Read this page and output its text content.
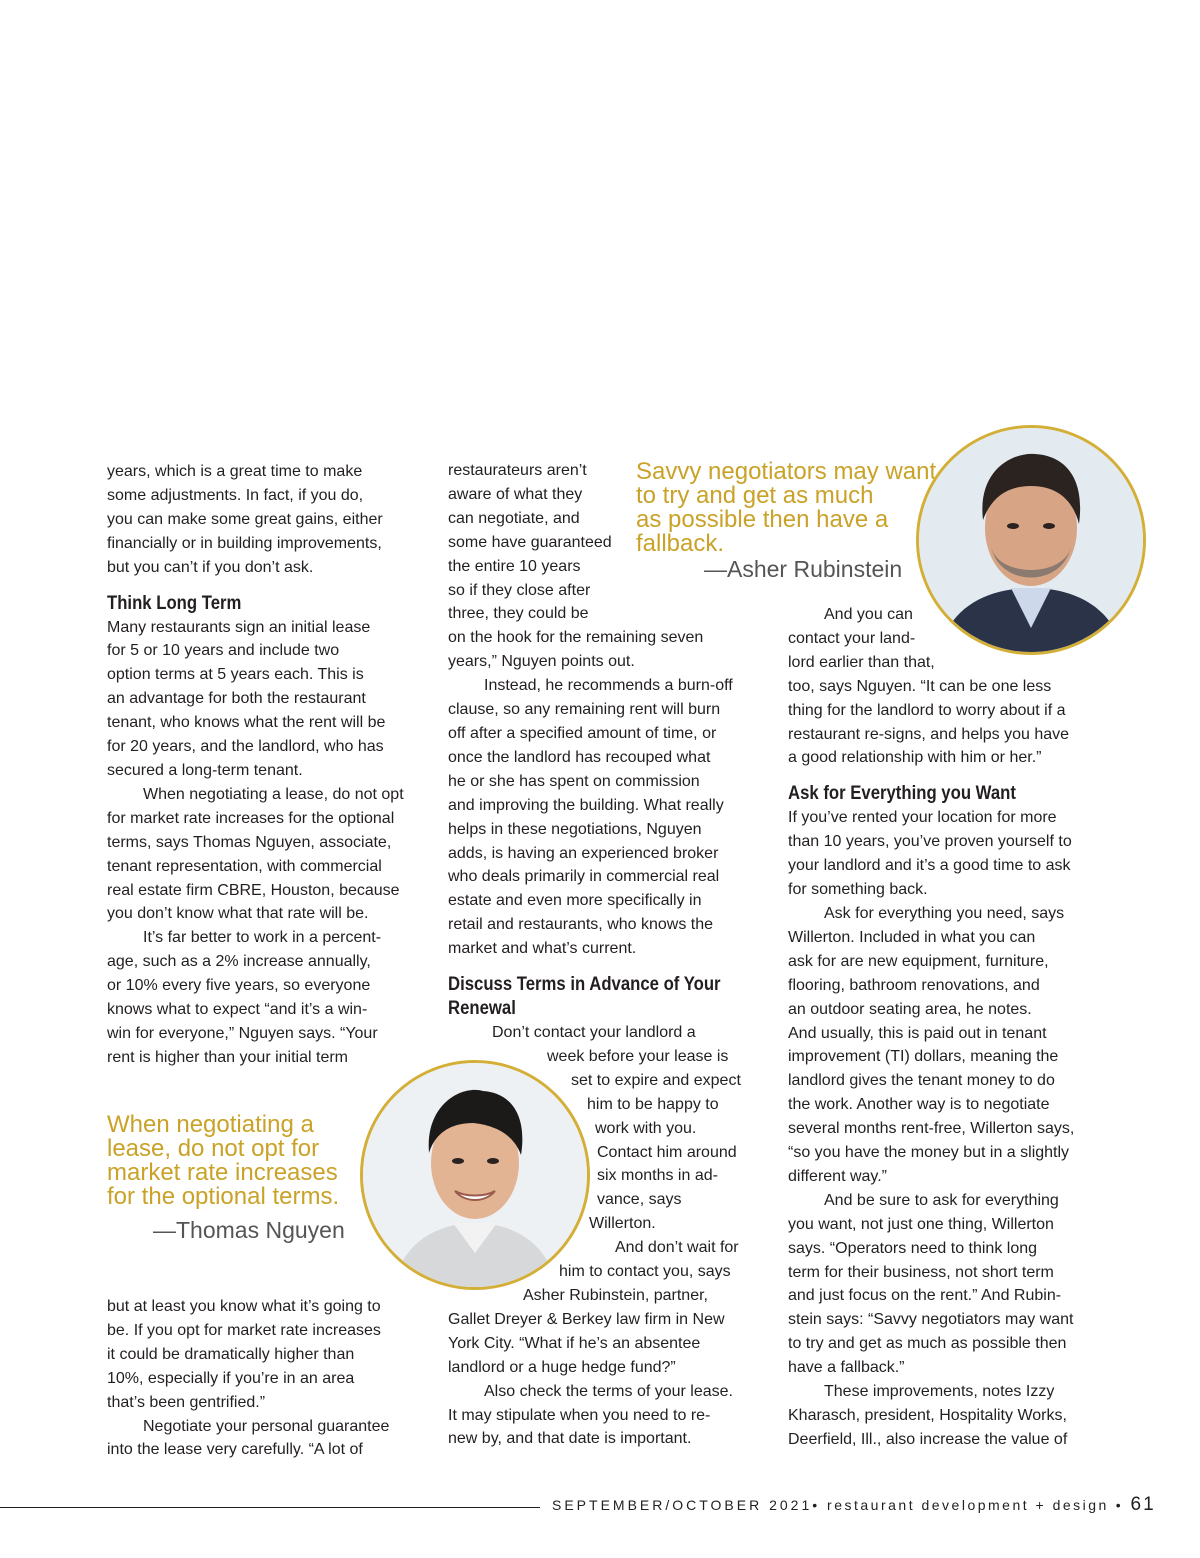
years, which is a great time to make
some adjustments. In fact, if you do,
you can make some great gains, either
financially or in building improvements,
but you can’t if you don’t ask.

Think Long Term

Many restaurants sign an initial lease
for 5 or 10 years and include two
option terms at 5 years each. This is
an advantage for both the restaurant
tenant, who knows what the rent will be
for 20 years, and the landlord, who has
secured a long-term tenant.

When negotiating a lease, do not opt
for market rate increases for the optional
terms, says Thomas Nguyen, associate,
tenant representation, with commercial
real estate firm CBRE, Houston, because
you don’t know what that rate will be.

It’s far better to work in a percent-
age, such as a 2% increase annually,
or 10% every five years, so everyone
knows what to expect “and it’s a win-
win for everyone,” Nguyen says. “Your
rent is higher than your initial term

When negotiating a
lease, do not opt for
market rate increases
for the optional terms.
—Thomas Nguyen

but at least you know what it’s going to
be. If you opt for market rate increases
it could be dramatically higher than
10%, especially if you’re in an area
that’s been gentrified.”

Negotiate your personal guarantee
into the lease very carefully. “A lot of

restaurateurs aren’t
aware of what they
can negotiate, and
some have guaranteed
the entire 10 years
so if they close after
three, they could be
on the hook for the remaining seven
years,” Nguyen points out.

Instead, he recommends a burn-off
clause, so any remaining rent will burn
off after a specified amount of time, or
once the landlord has recouped what
he or she has spent on commission
and improving the building. What really
helps in these negotiations, Nguyen
adds, is having an experienced broker
who deals primarily in commercial real
estate and even more specifically in
retail and restaurants, who knows the
market and what’s current.

Discuss Terms in Advance of Your
Renewal

Don’t contact your landlord a
week before your lease is
set to expire and expect
him to be happy to
work with you.
Contact him around
six months in ad-
vance, says
Willerton.

And don’t wait for
him to contact you, says
Asher Rubinstein, partner,
Gallet Dreyer & Berkey law firm in New
York City. “What if he’s an absentee
landlord or a huge hedge fund?”

Also check the terms of your lease.
It may stipulate when you need to re-
new by, and that date is important.

Savvy negotiators may want
to try and get as much
as possible then have a
fallback.
—Asher Rubinstein

And you can
contact your land-
lord earlier than that,
too, says Nguyen. “It can be one less
thing for the landlord to worry about if a
restaurant re-signs, and helps you have
a good relationship with him or her.”

Ask for Everything you Want

If you’ve rented your location for more
than 10 years, you’ve proven yourself to
your landlord and it’s a good time to ask
for something back.

Ask for everything you need, says
Willerton. Included in what you can
ask for are new equipment, furniture,
flooring, bathroom renovations, and
an outdoor seating area, he notes.
And usually, this is paid out in tenant
improvement (TI) dollars, meaning the
landlord gives the tenant money to do
the work. Another way is to negotiate
several months rent-free, Willerton says,
“so you have the money but in a slightly
different way.”

And be sure to ask for everything
you want, not just one thing, Willerton
says. “Operators need to think long
term for their business, not short term
and just focus on the rent.” And Rubin-
stein says: “Savvy negotiators may want
to try and get as much as possible then
have a fallback.”

These improvements, notes Izzy
Kharasch, president, Hospitality Works,
Deerfield, Ill., also increase the value of

SEPTEMBER/OCTOBER 2021• restaurant development + design • 61
